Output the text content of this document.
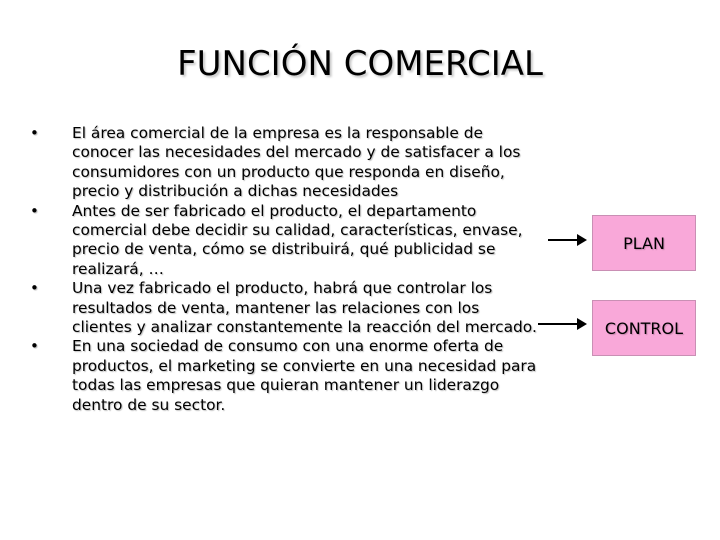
FUNCIÓN COMERCIAL
•	El área comercial de la empresa es la responsable de
conocer las necesidades del mercado y de satisfacer a los
consumidores con un producto que responda en diseño,
precio y distribución a dichas necesidades
•	Antes de ser fabricado el producto, el departamento
comercial debe decidir su calidad, características, envase,
precio de venta, cómo se distribuirá, qué publicidad se
realizará, …
•	Una vez fabricado el producto, habrá que controlar los
resultados de venta, mantener las relaciones con los
clientes y analizar constantemente la reacción del mercado.
•	En una sociedad de consumo con una enorme oferta de
productos, el marketing se convierte en una necesidad para
todas las empresas que quieran mantener un liderazgo
dentro de su sector.
PLAN
CONTROL
